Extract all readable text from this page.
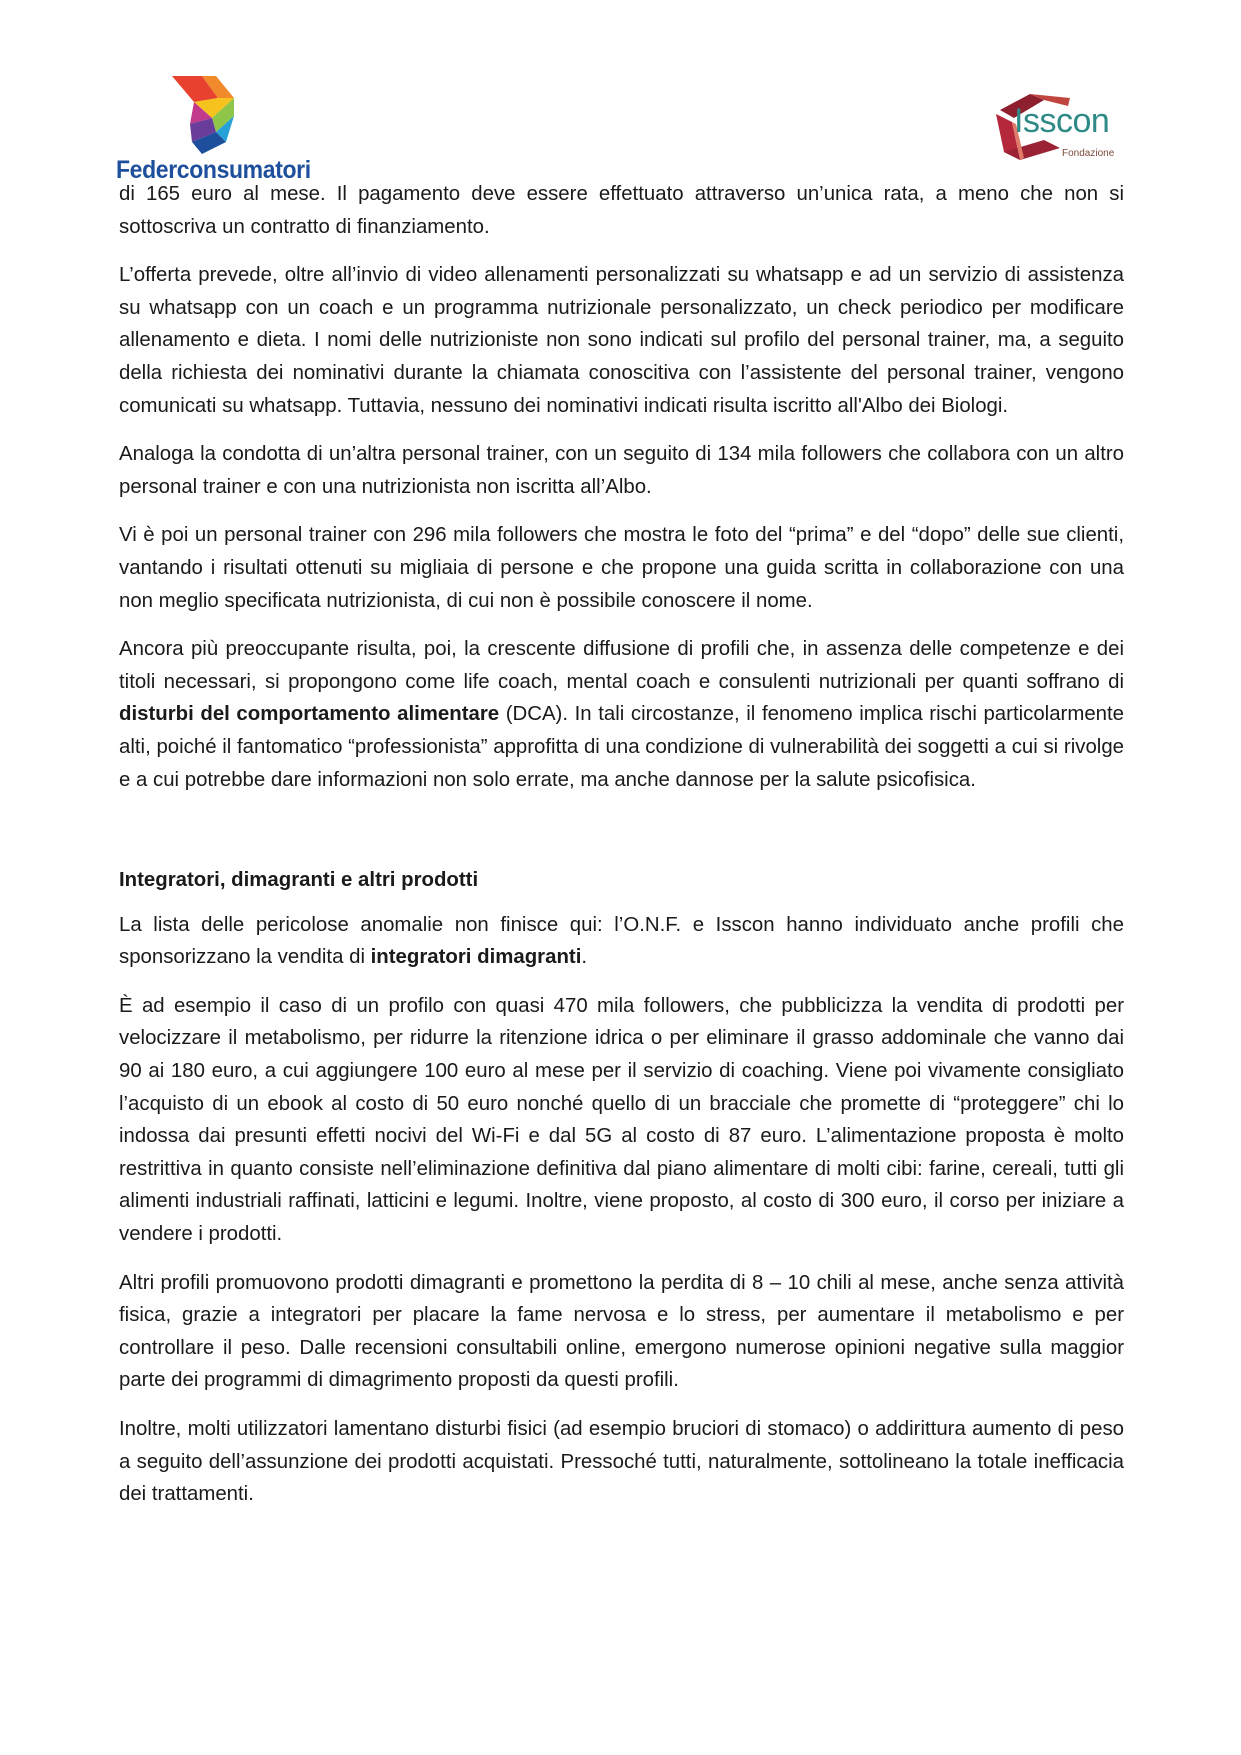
Federconsumatori
Isscon
Fondazione

di 165 euro al mese. Il pagamento deve essere effettuato attraverso un’unica rata, a meno che non si sottoscriva un contratto di finanziamento.

L’offerta prevede, oltre all’invio di video allenamenti personalizzati su whatsapp e ad un servizio di assistenza su whatsapp con un coach e un programma nutrizionale personalizzato, un check periodico per modificare allenamento e dieta. I nomi delle nutrizioniste non sono indicati sul profilo del personal trainer, ma, a seguito della richiesta dei nominativi durante la chiamata conoscitiva con l’assistente del personal trainer, vengono comunicati su whatsapp. Tuttavia, nessuno dei nominativi indicati risulta iscritto all'Albo dei Biologi.

Analoga la condotta di un’altra personal trainer, con un seguito di 134 mila followers che collabora con un altro personal trainer e con una nutrizionista non iscritta all’Albo.

Vi è poi un personal trainer con 296 mila followers che mostra le foto del “prima” e del “dopo” delle sue clienti, vantando i risultati ottenuti su migliaia di persone e che propone una guida scritta in collaborazione con una non meglio specificata nutrizionista, di cui non è possibile conoscere il nome.

Ancora più preoccupante risulta, poi, la crescente diffusione di profili che, in assenza delle competenze e dei titoli necessari, si propongono come life coach, mental coach e consulenti nutrizionali per quanti soffrano di disturbi del comportamento alimentare (DCA). In tali circostanze, il fenomeno implica rischi particolarmente alti, poiché il fantomatico “professionista” approfitta di una condizione di vulnerabilità dei soggetti a cui si rivolge e a cui potrebbe dare informazioni non solo errate, ma anche dannose per la salute psicofisica.

Integratori, dimagranti e altri prodotti

La lista delle pericolose anomalie non finisce qui: l’O.N.F. e Isscon hanno individuato anche profili che sponsorizzano la vendita di integratori dimagranti.

È ad esempio il caso di un profilo con quasi 470 mila followers, che pubblicizza la vendita di prodotti per velocizzare il metabolismo, per ridurre la ritenzione idrica o per eliminare il grasso addominale che vanno dai 90 ai 180 euro, a cui aggiungere 100 euro al mese per il servizio di coaching. Viene poi vivamente consigliato l’acquisto di un ebook al costo di 50 euro nonché quello di un bracciale che promette di “proteggere” chi lo indossa dai presunti effetti nocivi del Wi-Fi e dal 5G al costo di 87 euro. L’alimentazione proposta è molto restrittiva in quanto consiste nell’eliminazione definitiva dal piano alimentare di molti cibi: farine, cereali, tutti gli alimenti industriali raffinati, latticini e legumi. Inoltre, viene proposto, al costo di 300 euro, il corso per iniziare a vendere i prodotti.

Altri profili promuovono prodotti dimagranti e promettono la perdita di 8 – 10 chili al mese, anche senza attività fisica, grazie a integratori per placare la fame nervosa e lo stress, per aumentare il metabolismo e per controllare il peso. Dalle recensioni consultabili online, emergono numerose opinioni negative sulla maggior parte dei programmi di dimagrimento proposti da questi profili.

Inoltre, molti utilizzatori lamentano disturbi fisici (ad esempio bruciori di stomaco) o addirittura aumento di peso a seguito dell’assunzione dei prodotti acquistati. Pressoché tutti, naturalmente, sottolineano la totale inefficacia dei trattamenti.
